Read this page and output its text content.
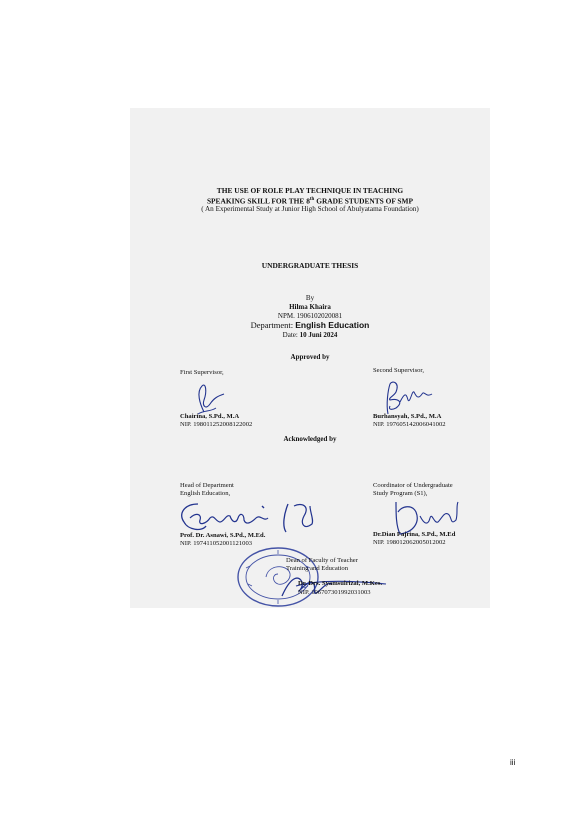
THE USE OF ROLE PLAY TECHNIQUE IN TEACHING
SPEAKING SKILL FOR THE 8th GRADE STUDENTS OF SMP
( An Experimental Study at Junior High School of Abulyatama Foundation)
UNDERGRADUATE THESIS
By
Hilma Khaira
NPM. 1906102020081
Department: English Education
Date: 10 Juni 2024
Approved by
First Supervisor,
Chairina, S.Pd., M.A
NIP. 198011252008122002
Second Supervisor,
Burhansyah, S.Pd., M.A
NIP. 197605142006041002
Acknowledged by
Head of Department
English Education,
Prof. Dr. Asnawi, S.Pd., M.Ed.
NIP. 197411052001121003
Coordinator of Undergraduate
Study Program (S1),
Dr.Dian Fajrina, S.Pd., M.Ed
NIP. 198012062005012002
Dean of Faculty of Teacher
Training and Education
Dr. Drs. Syamsulrizal, M.Kes.
NIP. 196707301992031003
iii
